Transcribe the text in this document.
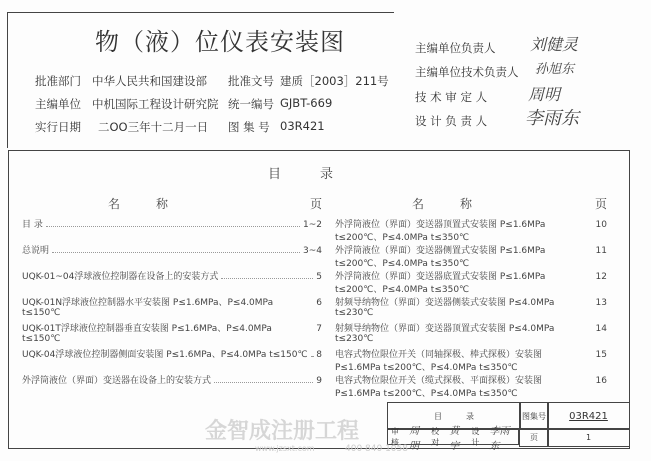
物（液）位仪表安装图
批准部门 中华人民共和国建设部
主编单位 中机国际工程设计研究院
实行日期 二OO三年十二月一日
批准文号 建质［2003］211号
统一编号 GJBT-669
图 集 号 03R421
主编单位负责人 刘健灵
主编单位技术负责人 孙旭东
技 术 审 定 人	周明
设 计 负 责 人 李雨东
目　　　录
名　　　称	页	名　　　称	页
目 录	1~2
总说明	3~4
UQK-01~04浮球液位控制器在设备上的安装方式	5
UQK-01N浮球液位控制器水平安装图 P≤1.6MPa、P≤4.0MPa t≤150℃
6
UQK-01T浮球液位控制器垂直安装图 P≤1.6MPa、P≤4.0MPa t≤150℃
7
UQK-04浮球液位控制器侧面安装图 P≤1.6MPa、P≤4.0MPa t≤150℃ 8
外浮筒液位（界面）变送器在设备上的安装方式	9
外浮筒液位（界面）变送器顶置式安装图 P≤1.6MPa t≤200℃、P≤4.0MPa t≤350℃
10
外浮筒液位（界面）变送器侧置式安装图 P≤1.6MPa t≤200℃、P≤4.0MPa t≤350℃
11
外浮筒液位（界面）变送器底置式安装图 P≤1.6MPa t≤200℃、P≤4.0MPa t≤350℃
12
射频导纳物位（界面）变送器侧装式安装图 P≤4.0MPa t≤230℃
13
射频导纳物位（界面）变送器顶置式安装图 P≤4.0MPa t≤230℃
14
电容式物位限位开关（同轴探极、棒式探极）安装图 P≤1.6MPa t≤200℃、P≤4.0MPa t≤350℃
15
电容式物位限位开关（缆式探极、平面探极）安装图 P≤1.6MPa t≤200℃、P≤4.0MPa t≤350℃
16
目　　　录	图集号 03R421
审核
周明
校对
黄宇
设计
李雨东
页	1
金智成注册工程
www.jzsxt.com	400 840 1058
